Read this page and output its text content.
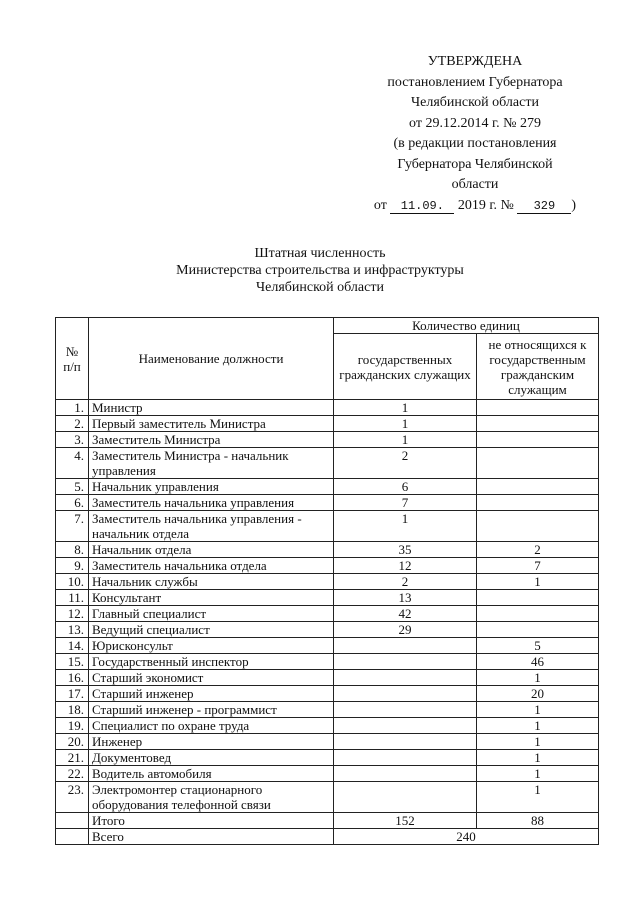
УТВЕРЖДЕНА
постановлением Губернатора
Челябинской области
от 29.12.2014 г. № 279
(в редакции постановления
Губернатора Челябинской
области
от 11.09. 2019 г. № 329 )
Штатная численность
Министерства строительства и инфраструктуры
Челябинской области
№ п/п	Наименование должности	Количество единиц	
		государственных гражданских служащих	не относящихся к государственным гражданским служащим
1.	Министр	1	
2.	Первый заместитель Министра	1	
3.	Заместитель Министра	1	
4.	Заместитель Министра - начальник управления	2	
5.	Начальник управления	6	
6.	Заместитель начальника управления	7	
7.	Заместитель начальника управления - начальник отдела	1	
8.	Начальник отдела	35	2
9.	Заместитель начальника отдела	12	7
10.	Начальник службы	2	1
11.	Консультант	13	
12.	Главный специалист	42	
13.	Ведущий специалист	29	
14.	Юрисконсульт		5
15.	Государственный инспектор		46
16.	Старший экономист		1
17.	Старший инженер		20
18.	Старший инженер - программист		1
19.	Специалист по охране труда		1
20.	Инженер		1
21.	Документовед		1
22.	Водитель автомобиля		1
23.	Электромонтер стационарного оборудования телефонной связи		1
	Итого	152	88
	Всего	240	
